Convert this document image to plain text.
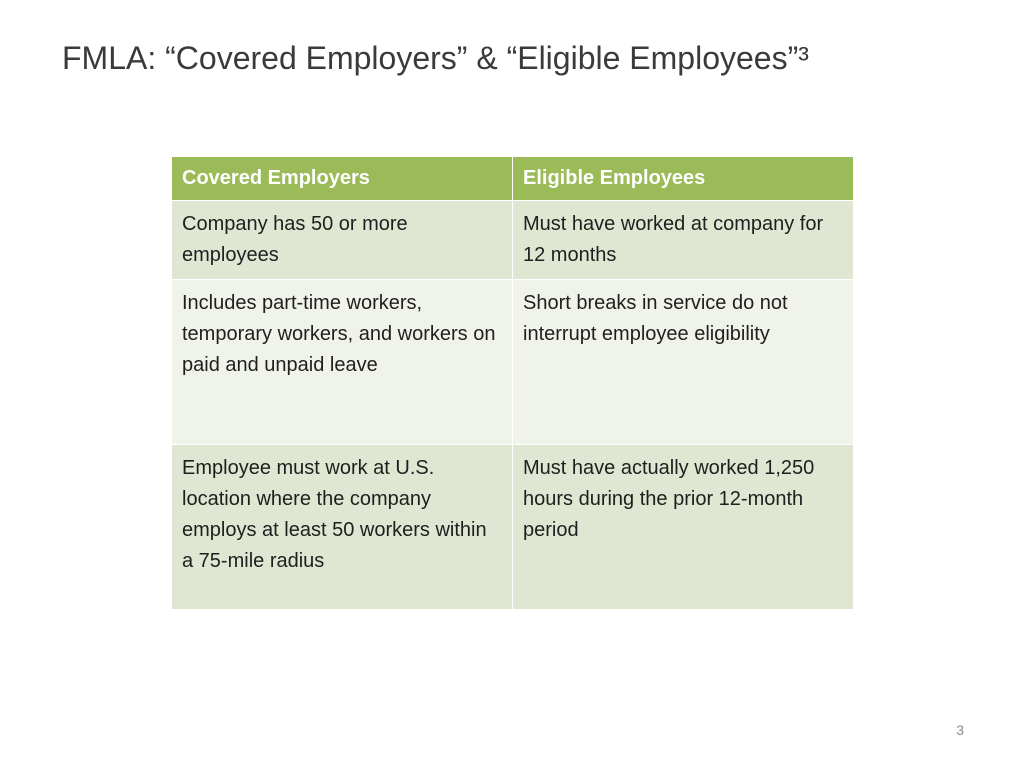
FMLA: “Covered Employers” & “Eligible Employees”³
Covered Employers	Eligible Employees
Company has 50 or more employees	Must have worked at company for 12 months
Includes part-time workers, temporary workers, and workers on paid and unpaid leave	Short breaks in service do not interrupt employee eligibility
Employee must work at U.S. location where the company employs at least 50 workers within a 75-mile radius	Must have actually worked 1,250 hours during the prior 12-month period
3
